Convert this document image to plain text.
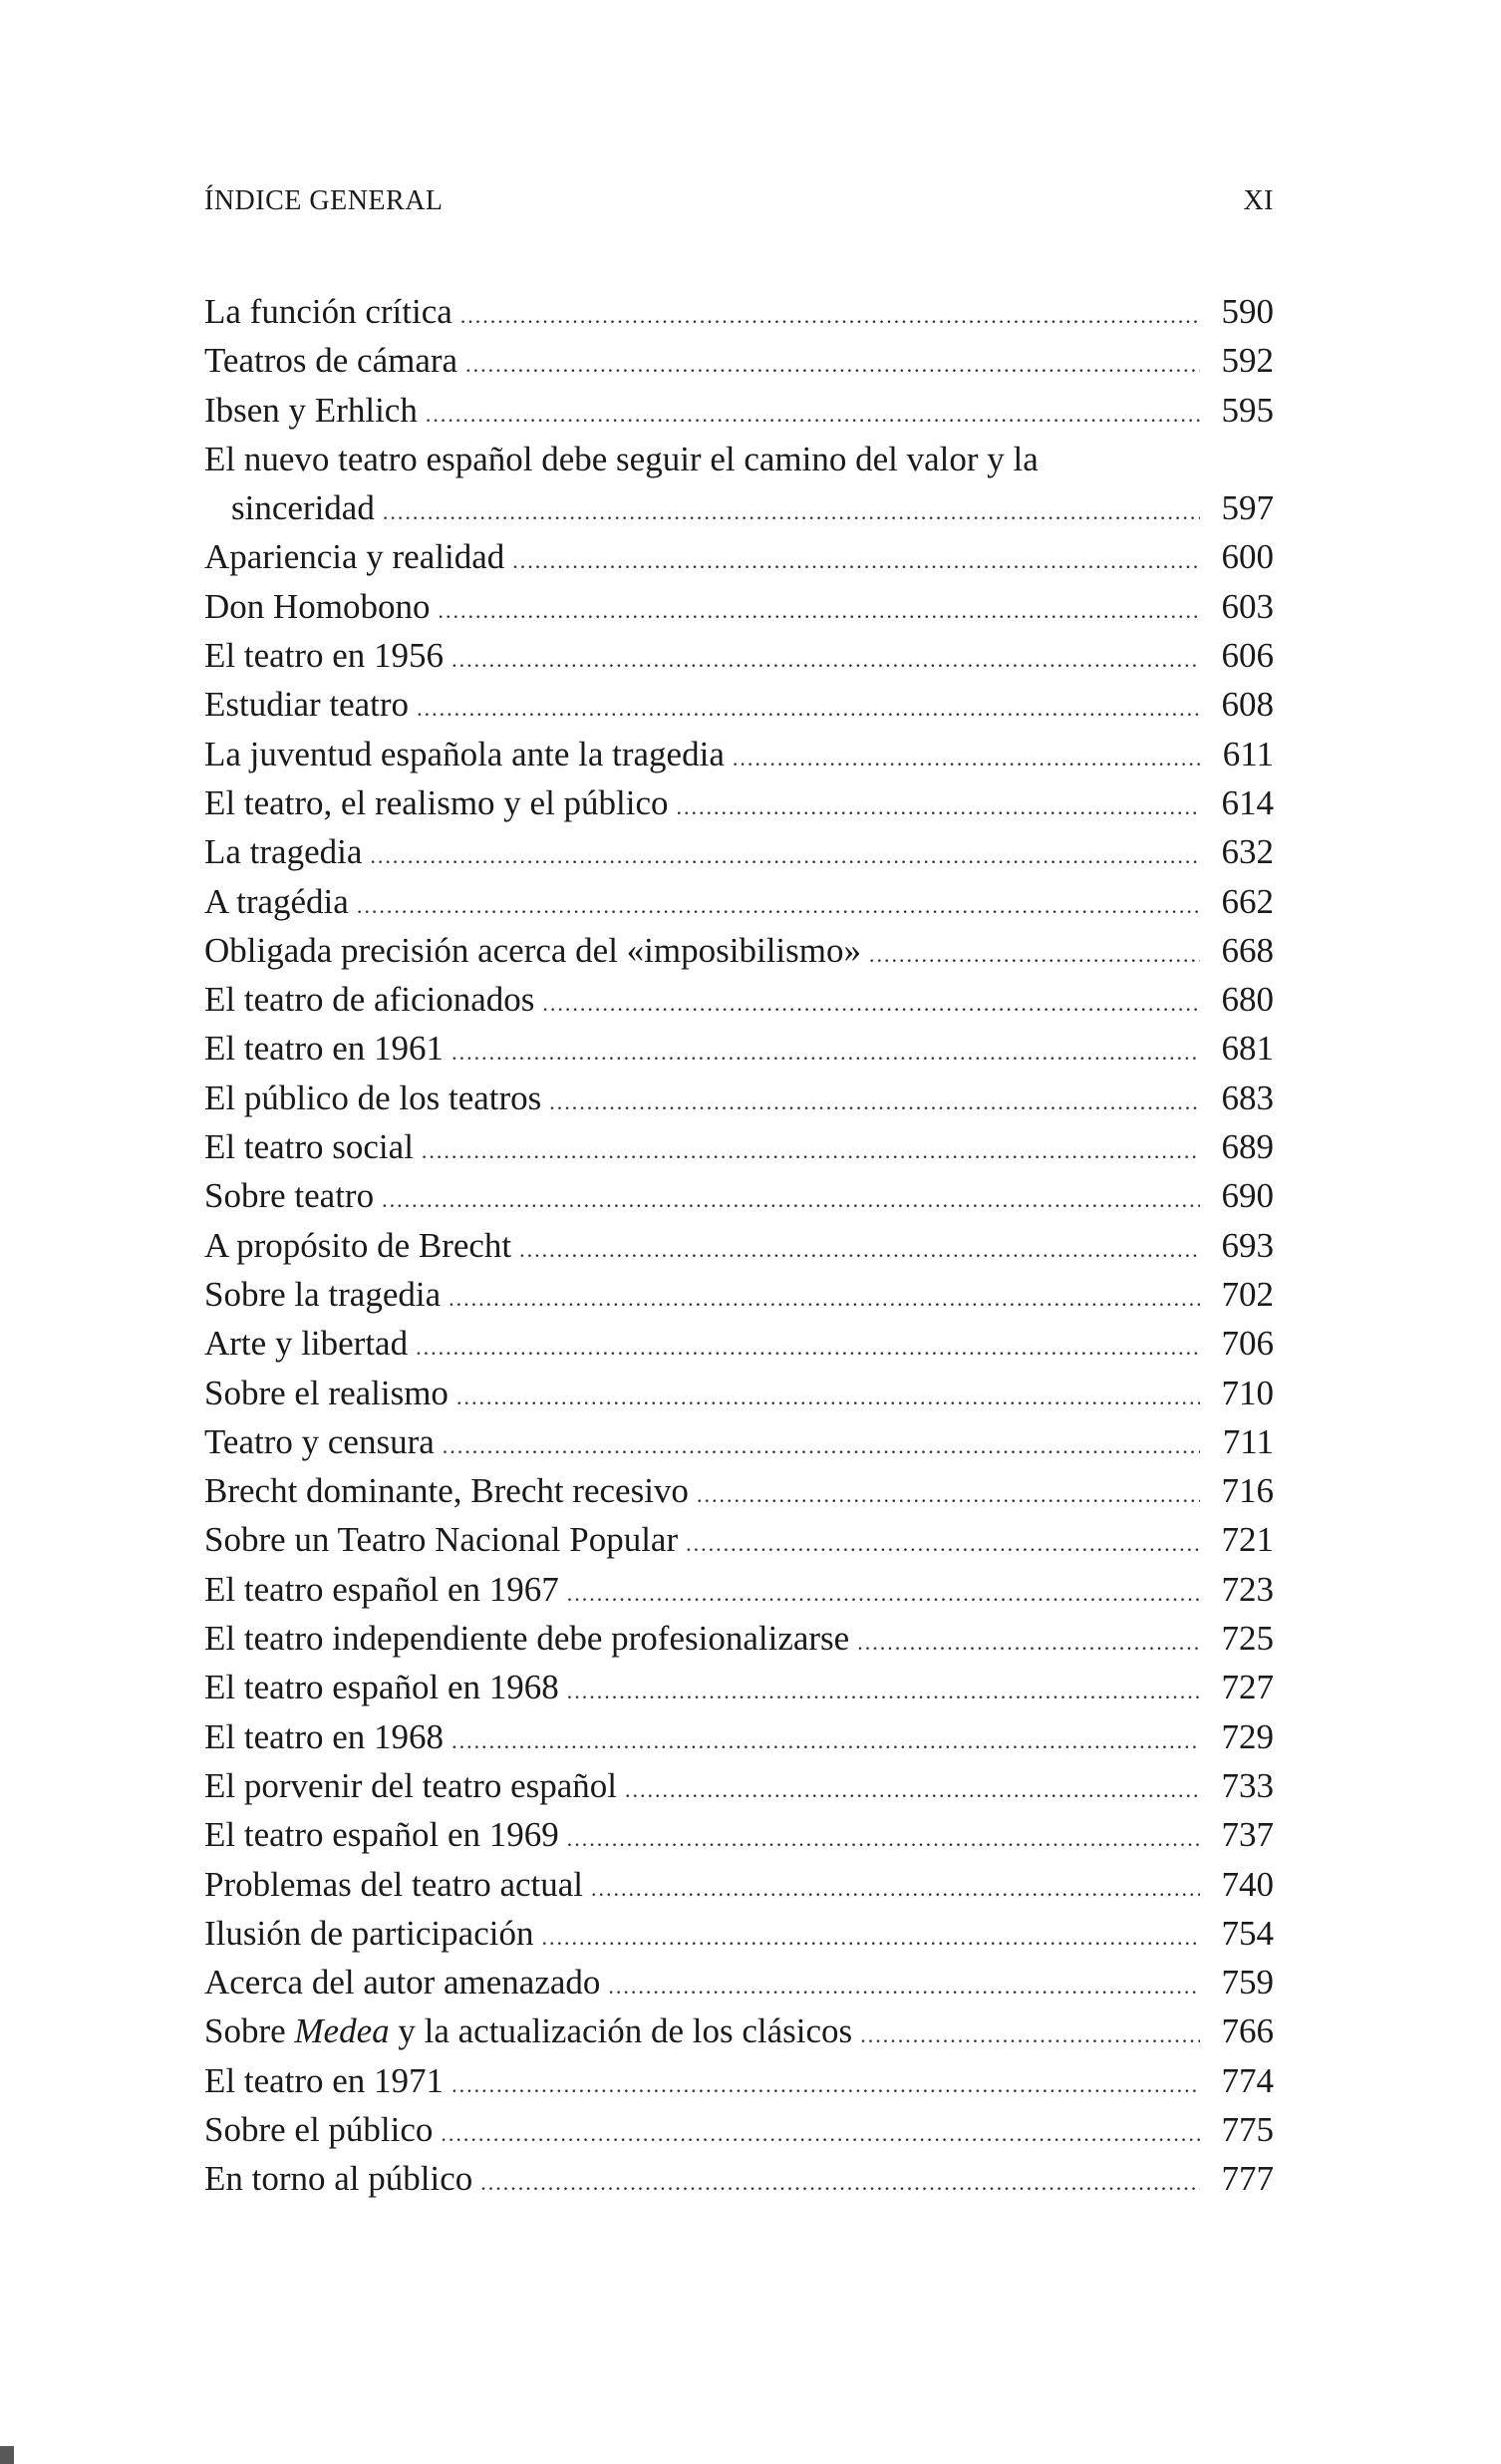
ÍNDICE GENERAL	XI
La función crítica .....	590
Teatros de cámara .....	592
Ibsen y Erhlich .....	595
El nuevo teatro español debe seguir el camino del valor y la
sinceridad .....	597
Apariencia y realidad .....	600
Don Homobono .....	603
El teatro en 1956 .....	606
Estudiar teatro .....	608
La juventud española ante la tragedia .....	611
El teatro, el realismo y el público .....	614
La tragedia .....	632
A tragédia .....	662
Obligada precisión acerca del «imposibilismo» .....	668
El teatro de aficionados .....	680
El teatro en 1961 .....	681
El público de los teatros .....	683
El teatro social .....	689
Sobre teatro .....	690
A propósito de Brecht .....	693
Sobre la tragedia .....	702
Arte y libertad .....	706
Sobre el realismo .....	710
Teatro y censura .....	711
Brecht dominante, Brecht recesivo .....	716
Sobre un Teatro Nacional Popular .....	721
El teatro español en 1967 .....	723
El teatro independiente debe profesionalizarse .....	725
El teatro español en 1968 .....	727
El teatro en 1968 .....	729
El porvenir del teatro español .....	733
El teatro español en 1969 .....	737
Problemas del teatro actual .....	740
Ilusión de participación .....	754
Acerca del autor amenazado .....	759
Sobre Medea y la actualización de los clásicos .....	766
El teatro en 1971 .....	774
Sobre el público .....	775
En torno al público .....	777
